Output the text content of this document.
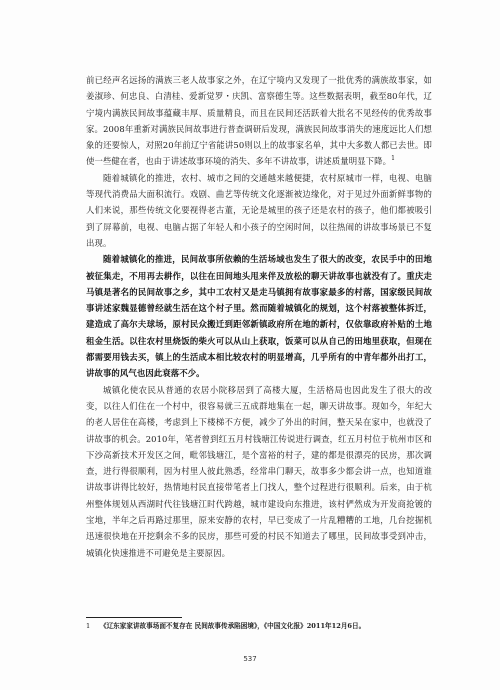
前已经声名远扬的满族三老人故事家之外，在辽宁境内又发现了一批优秀的满族故事家，如姜淑珍、何忠良、白清桂、爱新觉罗・庆凯、富察德生等。这些数据表明，截至80年代，辽宁境内满族民间故事蕴藏丰厚、质量精良，而且在民间还活跃着大批名不见经传的优秀故事家。2008年重新对满族民间故事进行普查调研后发现，满族民间故事消失的速度远比人们想象的还要惊人，对照20年前辽宁省能讲50则以上的故事家名单，其中大多数人都已去世。即使一些健在者，也由于讲述故事环境的消失、多年不讲故事，讲述质量明显下降。$^1$

随着城镇化的推进，农村、城市之间的交通越来越便捷，农村原城市一样，电视、电脑等现代消费品大面积流行。戏剧、曲艺等传统文化逐渐被边缘化，对于见过外面新鲜事物的人们来说，那些传统文化要视得老古董，无论是城里的孩子还是农村的孩子，他们都被吸引到了屏幕前，电视、电脑占据了年轻人和小孩子的空闲时间，以往热闹的讲故事场景已不复出现。

随着城镇化的推进，民间故事所依赖的生活场域也发生了很大的改变，农民手中的田地被征集走，不用再去耕作，以往在田间地头甩来伴及放松的聊天讲故事也就没有了。重庆走马镇是著名的民间故事之乡，其中工农村又是走马镇拥有故事家最多的村落，国家级民间故事讲述家魏显德曾经就生活在这个村子里。然而随着城镇化的规划，这个村落被整体拆迁，建造成了高尔夫球场，原村民众搬迁到距邻新镇政府所在地的新村，仅依靠政府补贴的土地租金生活。以往农村里烧饭的柴火可以从山上获取，饭菜可以从自己的田地里获取，但现在都需要用钱去买，镇上的生活成本相比较农村的明显增高，几乎所有的中青年都外出打工，讲故事的风气也因此衰落不少。

城镇化使农民从普通的农居小院移居到了高楼大厦，生活格局也因此发生了很大的改变，以往人们住在一个村中，很容易就三五成群地集在一起，聊天讲故事。现如今，年纪大的老人居住在高楼，考虑到上下楼梯不方便，减少了外出的时间，整天呆在家中，也就没了讲故事的机会。2010年，笔者曾到红五月村钱塘江传说进行调查，红五月村位于杭州市区和下沙高新技术开发区之间，毗邻钱塘江，是个富裕的村子，建的都是很漂亮的民房，那次调查，进行得很顺利，因为村里人彼此熟悉，经常串门聊天，故事多少都会讲一点，也知道谁讲故事讲得比较好，热情地村民直接带笔者上门找人，整个过程进行很顺利。后来，由于杭州整体规划从西湖时代往钱塘江时代跨越，城市建设向东推进，该村俨然成为开发商抢镀的宝地，半年之后再路过那里，原来安静的农村，早已变成了一片乱糟糟的工地，几台挖掘机迅速很快地在开挖剩余不多的民房，那些可爱的村民不知道去了哪里，民间故事受到冲击，城镇化快速推进不可避免是主要原因。

1 《辽东家家讲故事场面不复存在 民间故事传承陷困境》，《中国文化报》2011年12月6日。
537
